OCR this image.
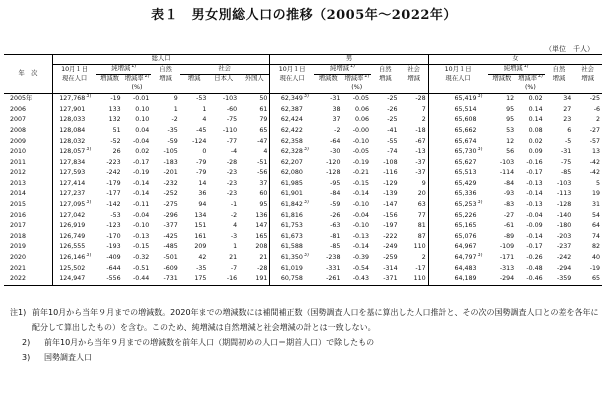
表１　男女別総人口の推移（2005年～2022年）
（単位　千人）
年　次	総人口							男					女				
	10月１日	純増減$^{1)}$		自然	社会			10月１日	純増減$^{1)}$		自然	社会	10月１日	純増減$^{1)}$		自然	社会
	現在人口	増減数	増減率$^{2)}$	増減	増減	日本人	外国人	現在人口	増減数	増減率$^{2)}$	増減	増減	現在人口	増減数	増減率$^{2)}$	増減	増減
			(%)							(%)					(%)		
2005年	127,7683)	-19	-0.01	9	-53	-103	50	62,3493)	-31	-0.05	-25	-28	65,4193)	12	0.02	34	-25
2006	127,901	133	0.10	1	1	-60	61	62,387	38	0.06	-26	7	65,514	95	0.14	27	-6
2007	128,033	132	0.10	-2	4	-75	79	62,424	37	0.06	-25	2	65,608	95	0.14	23	2
2008	128,084	51	0.04	-35	-45	-110	65	62,422	-2	-0.00	-41	-18	65,662	53	0.08	6	-27
2009	128,032	-52	-0.04	-59	-124	-77	-47	62,358	-64	-0.10	-55	-67	65,674	12	0.02	-5	-57
2010	128,0573)	26	0.02	-105	0	-4	4	62,3283)	-30	-0.05	-74	-13	65,7303)	56	0.09	-31	13
2011	127,834	-223	-0.17	-183	-79	-28	-51	62,207	-120	-0.19	-108	-37	65,627	-103	-0.16	-75	-42
2012	127,593	-242	-0.19	-201	-79	-23	-56	62,080	-128	-0.21	-116	-37	65,513	-114	-0.17	-85	-42
2013	127,414	-179	-0.14	-232	14	-23	37	61,985	-95	-0.15	-129	9	65,429	-84	-0.13	-103	5
2014	127,237	-177	-0.14	-252	36	-23	60	61,901	-84	-0.14	-139	20	65,336	-93	-0.14	-113	19
2015	127,0953)	-142	-0.11	-275	94	-1	95	61,8423)	-59	-0.10	-147	63	65,2533)	-83	-0.13	-128	31
2016	127,042	-53	-0.04	-296	134	-2	136	61,816	-26	-0.04	-156	77	65,226	-27	-0.04	-140	54
2017	126,919	-123	-0.10	-377	151	4	147	61,753	-63	-0.10	-197	81	65,165	-61	-0.09	-180	64
2018	126,749	-170	-0.13	-425	161	-3	165	61,673	-81	-0.13	-222	87	65,076	-89	-0.14	-203	74
2019	126,555	-193	-0.15	-485	209	1	208	61,588	-85	-0.14	-249	110	64,967	-109	-0.17	-237	82
2020	126,1463)	-409	-0.32	-501	42	21	21	61,3503)	-238	-0.39	-259	2	64,7973)	-171	-0.26	-242	40
2021	125,502	-644	-0.51	-609	-35	-7	-28	61,019	-331	-0.54	-314	-17	64,483	-313	-0.48	-294	-19
2022	124,947	-556	-0.44	-731	175	-16	191	60,758	-261	-0.43	-371	110	64,189	-294	-0.46	-359	65
注1) 前年10月から当年９月までの増減数。2020年までの増減数には補間補正数（国勢調査人口を基に算出した人口推計と、その次の国勢調査人口との差を各年に配分して算出したもの）を含む。このため、純増減は自然増減と社会増減の計とは一致しない。
2) 前年10月から当年９月までの増減数を前年人口（期間初めの人口＝期首人口）で除したもの
3) 国勢調査人口
